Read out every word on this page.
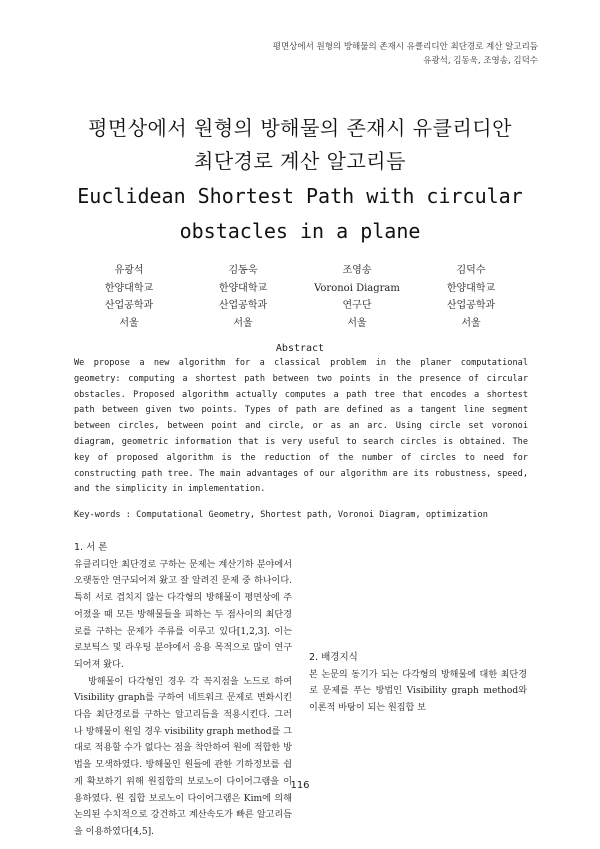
평면상에서 원형의 방해물의 존재시 유클리디안 최단경로 계산 알고리듬
유광석, 김동욱, 조영송, 김덕수
평면상에서 원형의 방해물의 존재시 유클리디안
최단경로 계산 알고리듬
Euclidean Shortest Path with circular
obstacles in a plane
유광석
한양대학교
산업공학과
서울
김동욱
한양대학교
산업공학과
서울
조영송
Voronoi Diagram
연구단
서울
김덕수
한양대학교
산업공학과
서울
Abstract

We propose a new algorithm for a classical problem in the planer computational geometry: computing a shortest path between two points in the presence of circular obstacles. Proposed algorithm actually computes a path tree that encodes a shortest path between given two points. Types of path are defined as a tangent line segment between circles, between point and circle, or as an arc. Using circle set voronoi diagram, geometric information that is very useful to search circles is obtained. The key of proposed algorithm is the reduction of the number of circles to need for constructing path tree. The main advantages of our algorithm are its robustness, speed, and the simplicity in implementation.

Key-words : Computational Geometry, Shortest path, Voronoi Diagram, optimization

1. 서 론

유클리디안 최단경로 구하는 문제는 계산기하 분야에서 오랫동안 연구되어져 왔고 잘 알려진 문제 중 하나이다. 특히 서로 겹치지 않는 다각형의 방해물이 평면상에 주어졌을 때 모든 방해물들을 피하는 두 점사이의 최단경로를 구하는 문제가 주류를 이루고 있다[1,2,3]. 이는 로보틱스 및 라우팅 분야에서 응용 목적으로 많이 연구되어져 왔다.

방해물이 다각형인 경우 각 꼭지점을 노드로 하여 Visibility graph를 구하여 네트워크 문제로 변화시킨 다음 최단경로를 구하는 알고리듬을 적용시킨다. 그러나 방해물이 원일 경우 visibility graph method를 그대로 적용할 수가 없다는 점을 착안하여 원에 적합한 방법을 모색하였다. 방해물인 원들에 관한 기하정보를 쉽게 확보하기 위해 원집합의 보로노이 다이어그램을 이용하였다. 원 집합 보로노이 다이어그램은 Kim에 의해 논의된 수치적으로 강건하고 계산속도가 빠른 알고리듬을 이용하였다[4,5].

2. 배경지식

본 논문의 동기가 되는 다각형의 방해물에 대한 최단경로 문제를 푸는 방법인 Visibility graph method와 이론적 바탕이 되는 원집합 보

116
